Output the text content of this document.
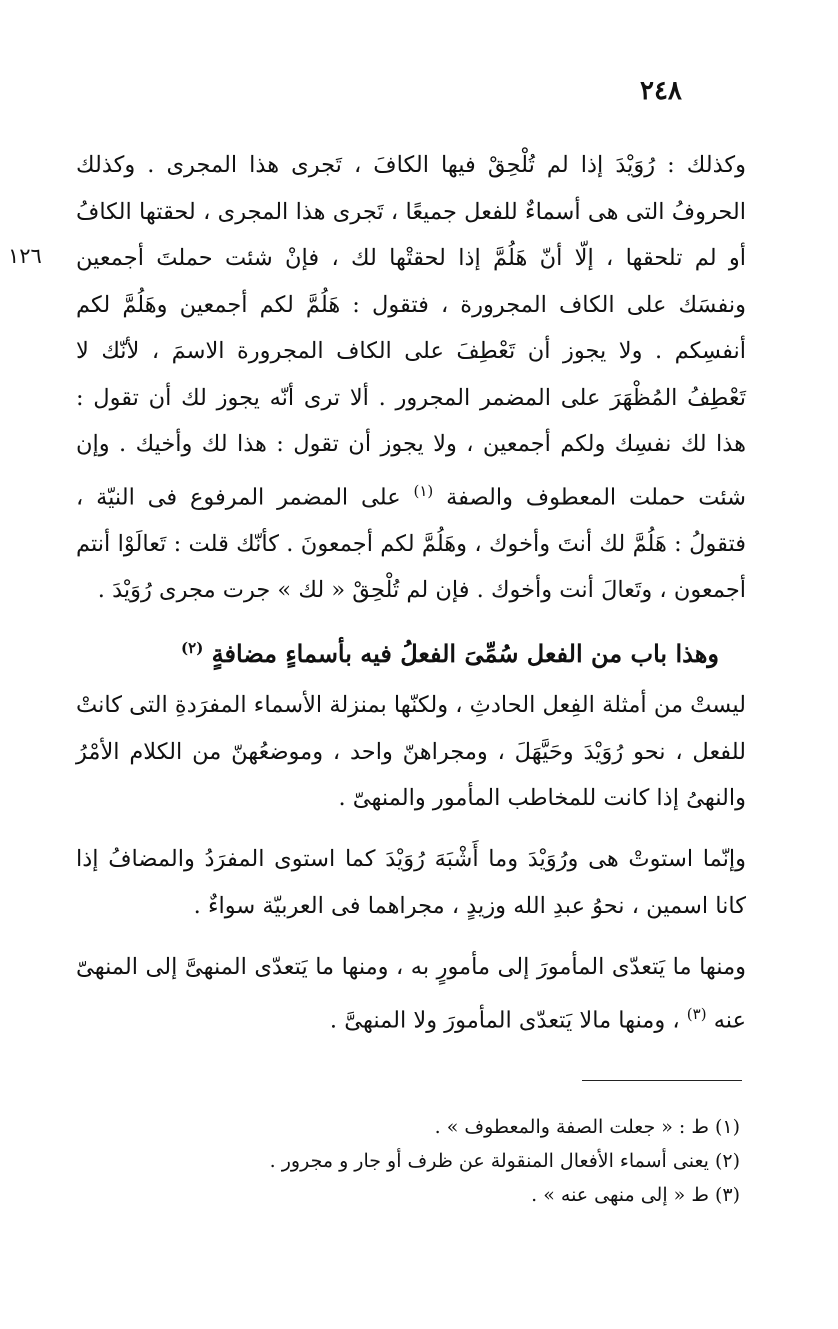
٢٤٨
١٢٦

وكذلك : رُوَيْدَ إذا لم تُلْحِقْ فيها الكافَ ، تَجرى هذا المجرى . وكذلك الحروفُ التى هى أسماءٌ للفعل جميعًا ، تَجرى هذا المجرى ، لحقتها الكافُ أو لم تلحقها ، إلّا أنّ هَلُمَّ إذا لحقتْها لك ، فإنْ شئت حملتَ أجمعين ونفسَك على الكاف المجرورة ، فتقول : هَلُمَّ لكم أجمعين وهَلُمَّ لكم أنفسِكم . ولا يجوز أن تَعْطِفَ على الكاف المجرورة الاسمَ ، لأنّك لا تَعْطِفُ المُظْهَرَ على المضمر المجرور . ألا ترى أنّه يجوز لك أن تقول : هذا لك نفسِك ولكم أجمعين ، ولا يجوز أن تقول : هذا لك وأخيك . وإن شئت حملت المعطوف والصفة $^{(١)}$ على المضمر المرفوع فى النيّة ، فتقولُ : هَلُمَّ لك أنتَ وأخوك ، وهَلُمَّ لكم أجمعونَ . كأنّك قلت : تَعالَوْا أنتم أجمعون ، وتَعالَ أنت وأخوك . فإن لم تُلْحِقْ « لك » جرت مجرى رُوَيْدَ .

وهذا باب من الفعل سُمِّىَ الفعلُ فيه بأسماءٍ مضافةٍ $^{(٢)}$

ليستْ من أمثلة الفِعل الحادثِ ، ولكنّها بمنزلة الأسماء المفرَدةِ التى كانتْ للفعل ، نحو رُوَيْدَ وحَيَّهَلَ ، ومجراهنّ واحد ، وموضعُهنّ من الكلام الأمْرُ والنهىُ إذا كانت للمخاطب المأمور والمنهىّ .

وإنّما استوتْ هى ورُوَيْدَ وما أَشْبَهَ رُوَيْدَ كما استوى المفرَدُ والمضافُ إذا كانا اسمين ، نحوُ عبدِ الله وزيدٍ ، مجراهما فى العربيّة سواءٌ .

ومنها ما يَتعدّى المأمورَ إلى مأمورٍ به ، ومنها ما يَتعدّى المنهىَّ إلى المنهىّ عنه $^{(٣)}$ ، ومنها مالا يَتعدّى المأمورَ ولا المنهىَّ .

(١) ط : « جعلت الصفة والمعطوف » .
(٢) يعنى أسماء الأفعال المنقولة عن ظرف أو جار و مجرور .
(٣) ط « إلى منهى عنه » .
